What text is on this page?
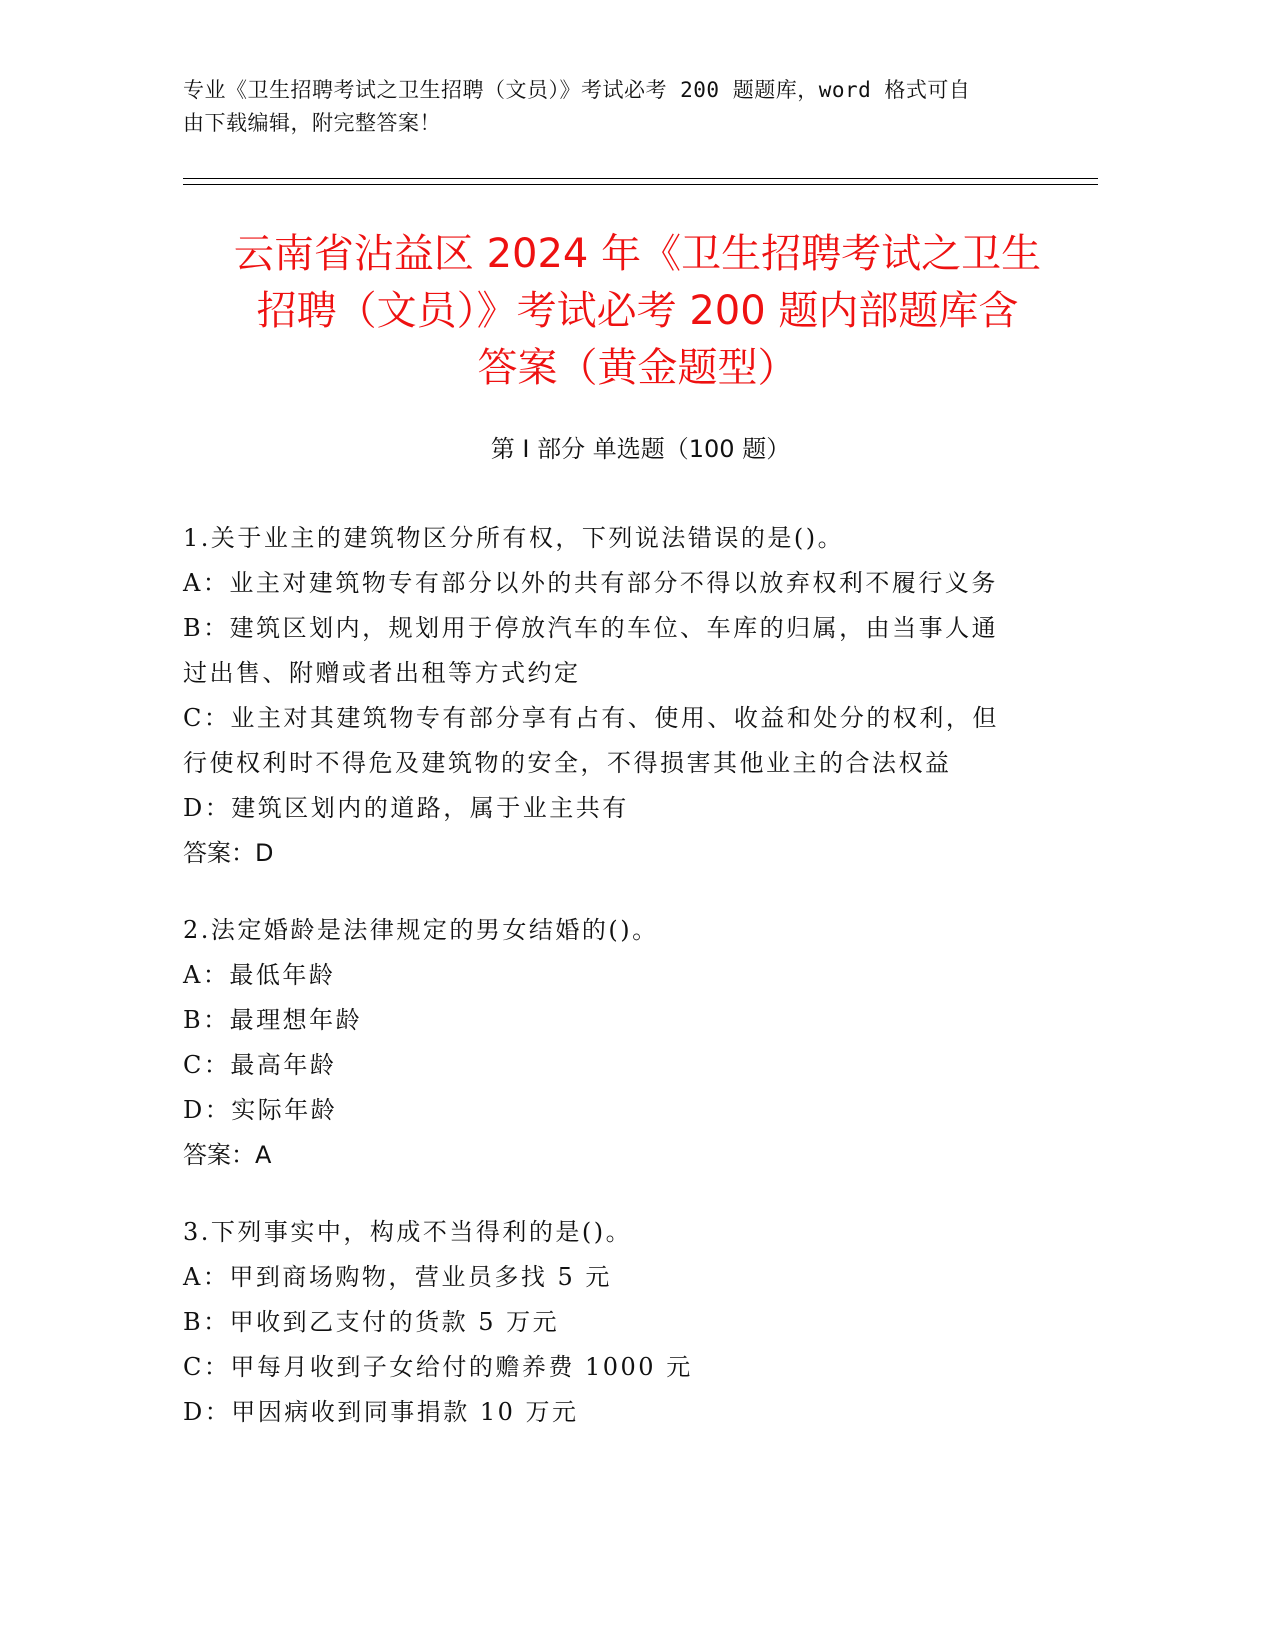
专业《卫生招聘考试之卫生招聘（文员）》考试必考 200 题题库，word 格式可自
由下载编辑，附完整答案！
云南省沾益区 2024 年《卫生招聘考试之卫生
招聘（文员）》考试必考 200 题内部题库含
答案（黄金题型）
第 I 部分 单选题（100 题）
1.关于业主的建筑物区分所有权，下列说法错误的是()。
A：业主对建筑物专有部分以外的共有部分不得以放弃权利不履行义务
B：建筑区划内，规划用于停放汽车的车位、车库的归属，由当事人通
过出售、附赠或者出租等方式约定
C：业主对其建筑物专有部分享有占有、使用、收益和处分的权利，但
行使权利时不得危及建筑物的安全，不得损害其他业主的合法权益
D：建筑区划内的道路，属于业主共有
答案：D
2.法定婚龄是法律规定的男女结婚的()。
A：最低年龄
B：最理想年龄
C：最高年龄
D：实际年龄
答案：A
3.下列事实中，构成不当得利的是()。
A：甲到商场购物，营业员多找 5 元
B：甲收到乙支付的货款 5 万元
C：甲每月收到子女给付的赡养费 1000 元
D：甲因病收到同事捐款 10 万元
